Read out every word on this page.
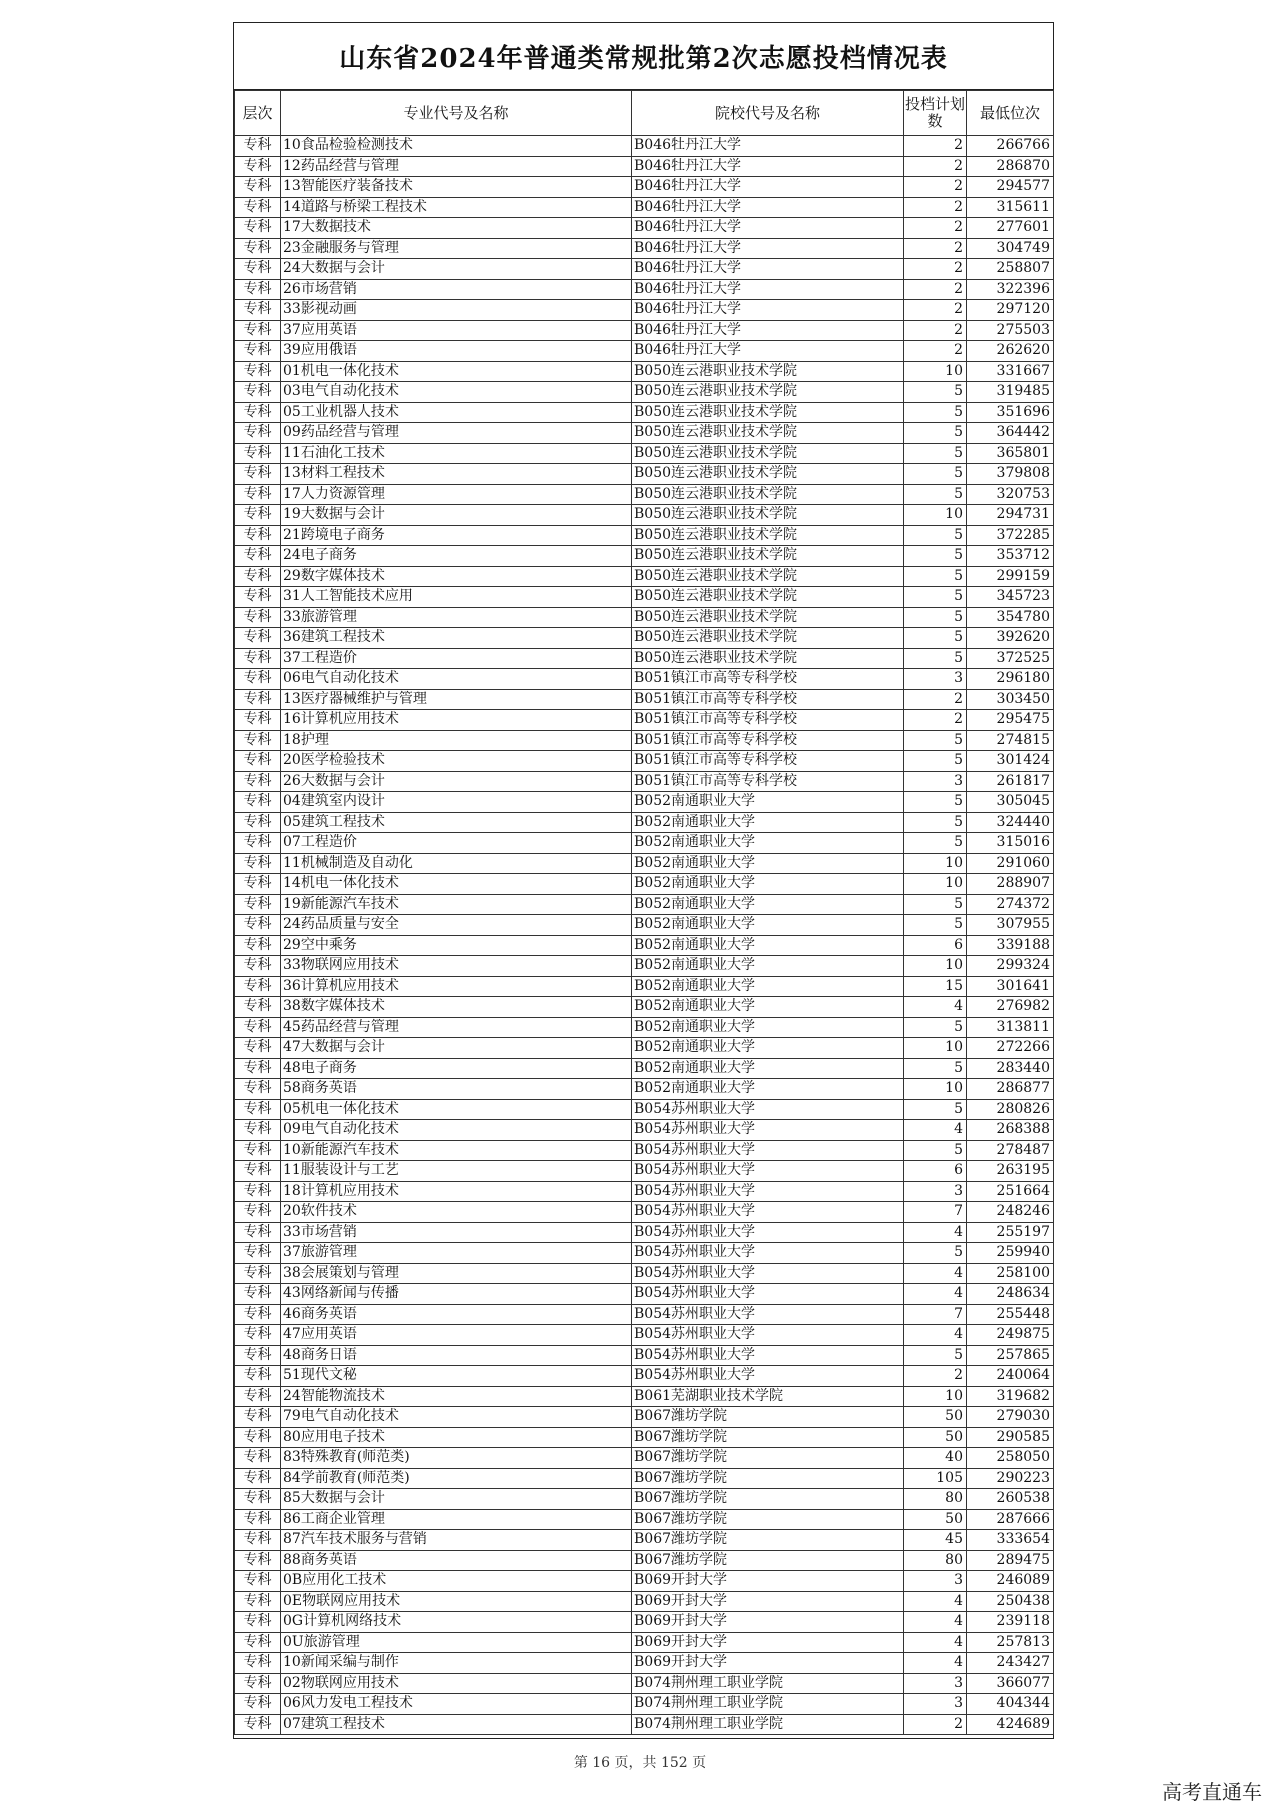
山东省2024年普通类常规批第2次志愿投档情况表
层次	专业代号及名称	院校代号及名称	投档计划数	最低位次
专科	10食品检验检测技术	B046牡丹江大学	2	266766
专科	12药品经营与管理	B046牡丹江大学	2	286870
专科	13智能医疗装备技术	B046牡丹江大学	2	294577
专科	14道路与桥梁工程技术	B046牡丹江大学	2	315611
专科	17大数据技术	B046牡丹江大学	2	277601
专科	23金融服务与管理	B046牡丹江大学	2	304749
专科	24大数据与会计	B046牡丹江大学	2	258807
专科	26市场营销	B046牡丹江大学	2	322396
专科	33影视动画	B046牡丹江大学	2	297120
专科	37应用英语	B046牡丹江大学	2	275503
专科	39应用俄语	B046牡丹江大学	2	262620
专科	01机电一体化技术	B050连云港职业技术学院	10	331667
专科	03电气自动化技术	B050连云港职业技术学院	5	319485
专科	05工业机器人技术	B050连云港职业技术学院	5	351696
专科	09药品经营与管理	B050连云港职业技术学院	5	364442
专科	11石油化工技术	B050连云港职业技术学院	5	365801
专科	13材料工程技术	B050连云港职业技术学院	5	379808
专科	17人力资源管理	B050连云港职业技术学院	5	320753
专科	19大数据与会计	B050连云港职业技术学院	10	294731
专科	21跨境电子商务	B050连云港职业技术学院	5	372285
专科	24电子商务	B050连云港职业技术学院	5	353712
专科	29数字媒体技术	B050连云港职业技术学院	5	299159
专科	31人工智能技术应用	B050连云港职业技术学院	5	345723
专科	33旅游管理	B050连云港职业技术学院	5	354780
专科	36建筑工程技术	B050连云港职业技术学院	5	392620
专科	37工程造价	B050连云港职业技术学院	5	372525
专科	06电气自动化技术	B051镇江市高等专科学校	3	296180
专科	13医疗器械维护与管理	B051镇江市高等专科学校	2	303450
专科	16计算机应用技术	B051镇江市高等专科学校	2	295475
专科	18护理	B051镇江市高等专科学校	5	274815
专科	20医学检验技术	B051镇江市高等专科学校	5	301424
专科	26大数据与会计	B051镇江市高等专科学校	3	261817
专科	04建筑室内设计	B052南通职业大学	5	305045
专科	05建筑工程技术	B052南通职业大学	5	324440
专科	07工程造价	B052南通职业大学	5	315016
专科	11机械制造及自动化	B052南通职业大学	10	291060
专科	14机电一体化技术	B052南通职业大学	10	288907
专科	19新能源汽车技术	B052南通职业大学	5	274372
专科	24药品质量与安全	B052南通职业大学	5	307955
专科	29空中乘务	B052南通职业大学	6	339188
专科	33物联网应用技术	B052南通职业大学	10	299324
专科	36计算机应用技术	B052南通职业大学	15	301641
专科	38数字媒体技术	B052南通职业大学	4	276982
专科	45药品经营与管理	B052南通职业大学	5	313811
专科	47大数据与会计	B052南通职业大学	10	272266
专科	48电子商务	B052南通职业大学	5	283440
专科	58商务英语	B052南通职业大学	10	286877
专科	05机电一体化技术	B054苏州职业大学	5	280826
专科	09电气自动化技术	B054苏州职业大学	4	268388
专科	10新能源汽车技术	B054苏州职业大学	5	278487
专科	11服装设计与工艺	B054苏州职业大学	6	263195
专科	18计算机应用技术	B054苏州职业大学	3	251664
专科	20软件技术	B054苏州职业大学	7	248246
专科	33市场营销	B054苏州职业大学	4	255197
专科	37旅游管理	B054苏州职业大学	5	259940
专科	38会展策划与管理	B054苏州职业大学	4	258100
专科	43网络新闻与传播	B054苏州职业大学	4	248634
专科	46商务英语	B054苏州职业大学	7	255448
专科	47应用英语	B054苏州职业大学	4	249875
专科	48商务日语	B054苏州职业大学	5	257865
专科	51现代文秘	B054苏州职业大学	2	240064
专科	24智能物流技术	B061芜湖职业技术学院	10	319682
专科	79电气自动化技术	B067潍坊学院	50	279030
专科	80应用电子技术	B067潍坊学院	50	290585
专科	83特殊教育(师范类)	B067潍坊学院	40	258050
专科	84学前教育(师范类)	B067潍坊学院	105	290223
专科	85大数据与会计	B067潍坊学院	80	260538
专科	86工商企业管理	B067潍坊学院	50	287666
专科	87汽车技术服务与营销	B067潍坊学院	45	333654
专科	88商务英语	B067潍坊学院	80	289475
专科	0B应用化工技术	B069开封大学	3	246089
专科	0E物联网应用技术	B069开封大学	4	250438
专科	0G计算机网络技术	B069开封大学	4	239118
专科	0U旅游管理	B069开封大学	4	257813
专科	10新闻采编与制作	B069开封大学	4	243427
专科	02物联网应用技术	B074荆州理工职业学院	3	366077
专科	06风力发电工程技术	B074荆州理工职业学院	3	404344
专科	07建筑工程技术	B074荆州理工职业学院	2	424689
第 16 页，共 152 页
高考直通车
